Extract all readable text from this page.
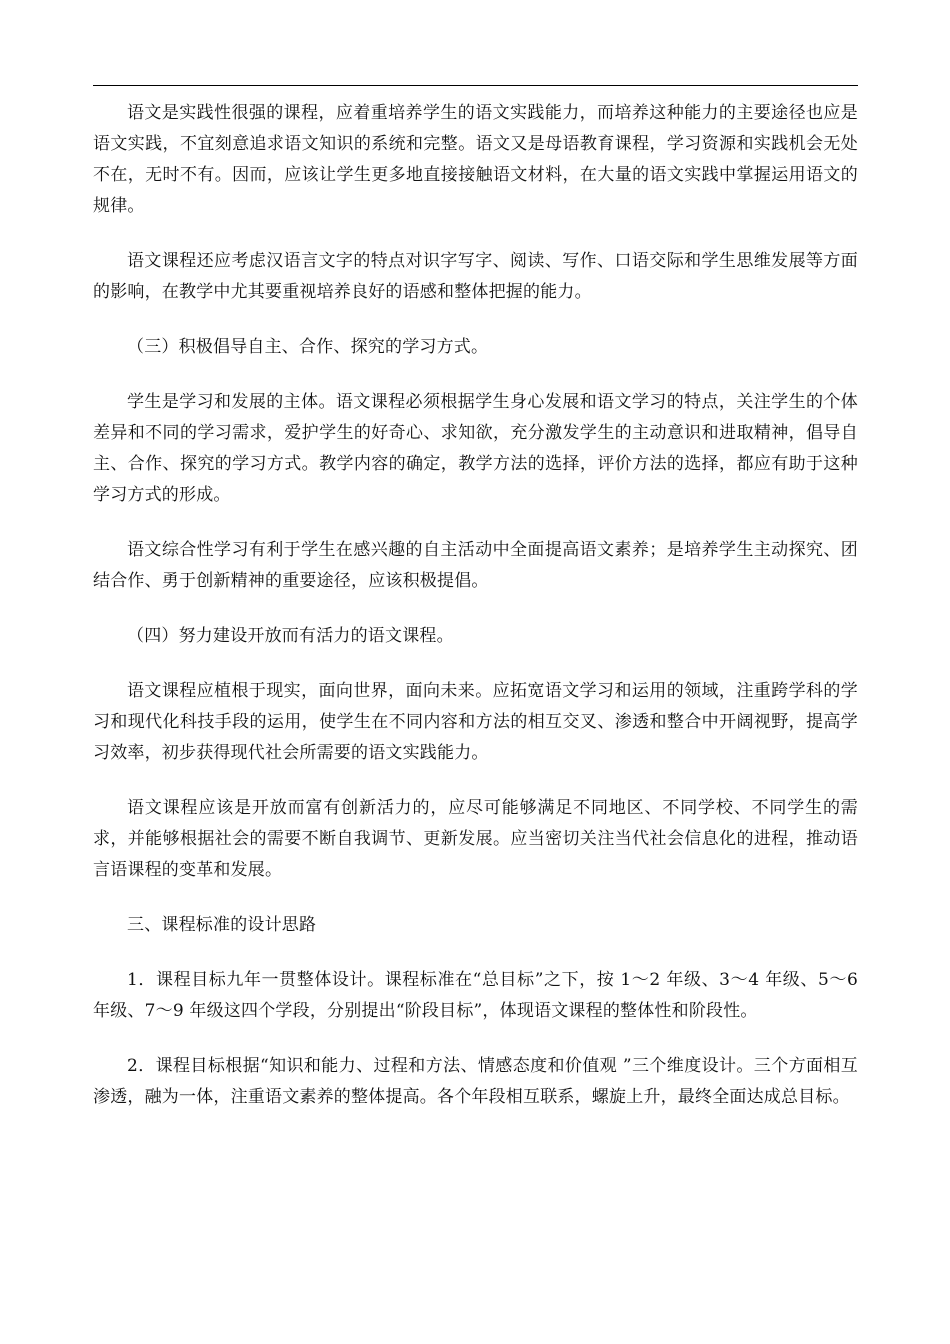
语文是实践性很强的课程，应着重培养学生的语文实践能力，而培养这种能力的主要途径也应是语文实践，不宜刻意追求语文知识的系统和完整。语文又是母语教育课程，学习资源和实践机会无处不在，无时不有。因而，应该让学生更多地直接接触语文材料，在大量的语文实践中掌握运用语文的规律。

语文课程还应考虑汉语言文字的特点对识字写字、阅读、写作、口语交际和学生思维发展等方面的影响，在教学中尤其要重视培养良好的语感和整体把握的能力。

（三）积极倡导自主、合作、探究的学习方式。

学生是学习和发展的主体。语文课程必须根据学生身心发展和语文学习的特点，关注学生的个体差异和不同的学习需求，爱护学生的好奇心、求知欲，充分激发学生的主动意识和进取精神，倡导自主、合作、探究的学习方式。教学内容的确定，教学方法的选择，评价方法的选择，都应有助于这种学习方式的形成。

语文综合性学习有利于学生在感兴趣的自主活动中全面提高语文素养；是培养学生主动探究、团结合作、勇于创新精神的重要途径，应该积极提倡。

（四）努力建设开放而有活力的语文课程。

语文课程应植根于现实，面向世界，面向未来。应拓宽语文学习和运用的领域，注重跨学科的学习和现代化科技手段的运用，使学生在不同内容和方法的相互交叉、渗透和整合中开阔视野，提高学习效率，初步获得现代社会所需要的语文实践能力。

语文课程应该是开放而富有创新活力的，应尽可能够满足不同地区、不同学校、不同学生的需求，并能够根据社会的需要不断自我调节、更新发展。应当密切关注当代社会信息化的进程，推动语言语课程的变革和发展。

三、课程标准的设计思路

1．课程目标九年一贯整体设计。课程标准在“总目标”之下，按 1～2 年级、3～4 年级、5～6 年级、7～9 年级这四个学段，分别提出“阶段目标”，体现语文课程的整体性和阶段性。

2．课程目标根据“知识和能力、过程和方法、情感态度和价值观 ”三个维度设计。三个方面相互渗透，融为一体，注重语文素养的整体提高。各个年段相互联系，螺旋上升，最终全面达成总目标。
